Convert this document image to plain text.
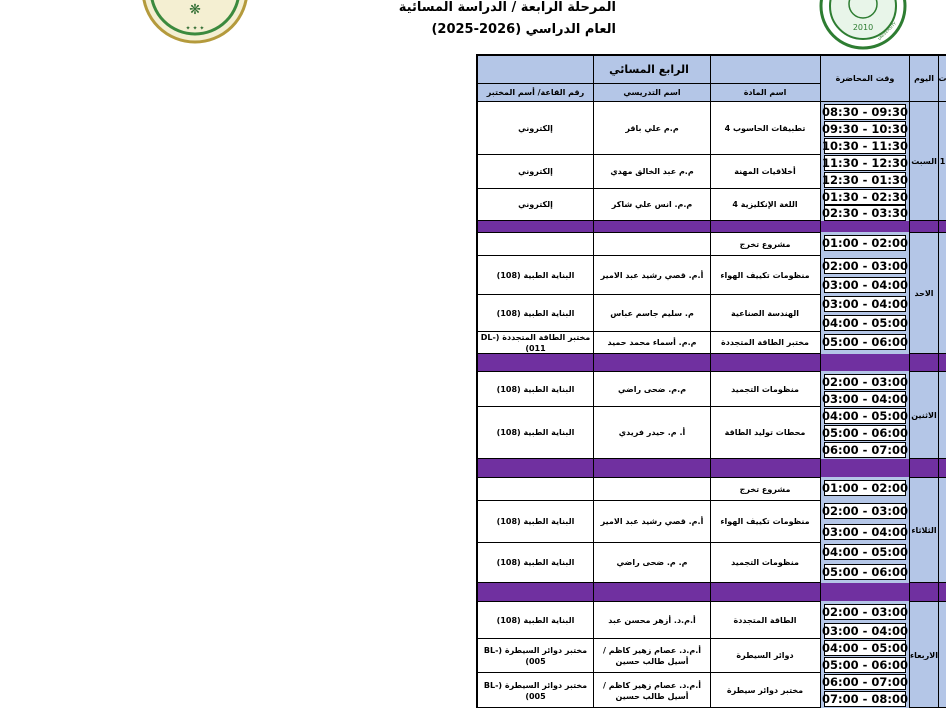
❋
✦ ✦ ✦	2010 UNIVERSITY
المرحلة الرابعة / الدراسة المسائية
العام الدراسي (2026-2025)
الرابع المسائي
اسم المادة
اسم التدريسي
رقم القاعة/ أسم المختبر
وقت المحاضرة	اليوم ت
السبت 1
الاحد
الاثنين
الثلاثاء
الاربعاء
08:30 - 09:30
09:30 - 10:30
10:30 - 11:30
11:30 - 12:30
12:30 - 01:30
01:30 - 02:30
02:30 - 03:30
01:00 - 02:00
02:00 - 03:00
03:00 - 04:00
03:00 - 04:00
04:00 - 05:00
05:00 - 06:00
02:00 - 03:00
03:00 - 04:00
04:00 - 05:00
05:00 - 06:00
06:00 - 07:00
01:00 - 02:00
02:00 - 03:00
03:00 - 04:00
04:00 - 05:00
05:00 - 06:00
02:00 - 03:00
03:00 - 04:00
04:00 - 05:00
05:00 - 06:00
06:00 - 07:00
07:00 - 08:00
تطبيقات الحاسوب 4
م.م علي باقر
إلكتروني
أخلاقيات المهنة
م.م عبد الخالق مهدي
إلكتروني
اللغة الإنكليزية 4
م.م. انس علي شاكر
إلكتروني
مشروع تخرج
منظومات تكييف الهواء
أ.م. قصي رشيد عبد الامير
البناية الطبية (108)
الهندسة الصناعية
م. سليم جاسم عباس
البناية الطبية (108)
مختبر الطاقة المتجددة
م.م. أسماء محمد حميد
مختبر الطاقة المتجددة (DL-011)
منظومات التجميد
م.م. ضحى راضي
البناية الطبية (108)
محطات توليد الطاقة
أ. م. حيدر فريدي
البناية الطبية (108)
مشروع تخرج
منظومات تكييف الهواء
أ.م. قصي رشيد عبد الامير
البناية الطبية (108)
منظومات التجميد
م. م. ضحى راضي
البناية الطبية (108)
الطاقة المتجددة
أ.م.د. أزهر محسن عبد
البناية الطبية (108)
دوائر السيطرة
أ.م.د. عصام زهير كاظم / أسيل طالب حسين
مختبر دوائر السيطرة (BL-005)
مختبر دوائر سيطرة
أ.م.د. عصام زهير كاظم / أسيل طالب حسين
مختبر دوائر السيطرة (BL-005)
